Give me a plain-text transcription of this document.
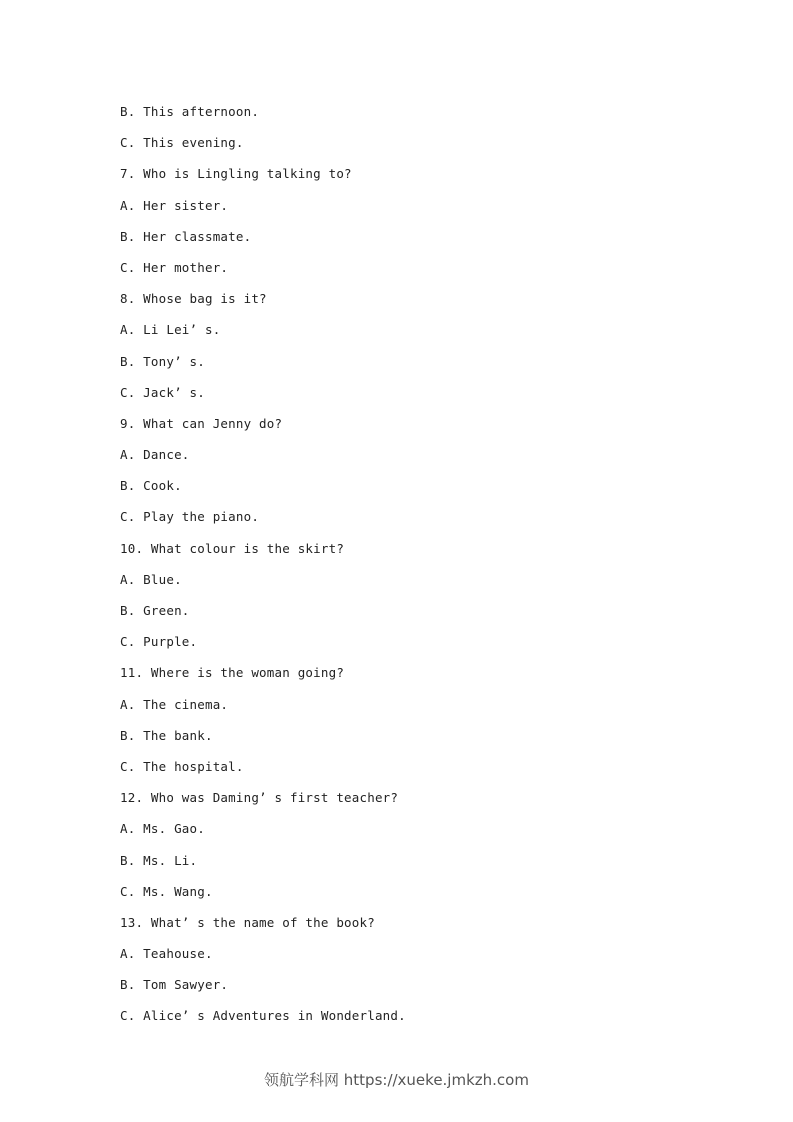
B. This afternoon.
C. This evening.
7. Who is Lingling talking to?
A. Her sister.
B. Her classmate.
C. Her mother.
8. Whose bag is it?
A. Li Lei’ s.
B. Tony’ s.
C. Jack’ s.
9. What can Jenny do?
A. Dance.
B. Cook.
C. Play the piano.
10. What colour is the skirt?
A. Blue.
B. Green.
C. Purple.
11. Where is the woman going?
A. The cinema.
B. The bank.
C. The hospital.
12. Who was Daming’ s first teacher?
A. Ms. Gao.
B. Ms. Li.
C. Ms. Wang.
13. What’ s the name of the book?
A. Teahouse.
B. Tom Sawyer.
C. Alice’ s Adventures in Wonderland.
领航学科网 https://xueke.jmkzh.com
